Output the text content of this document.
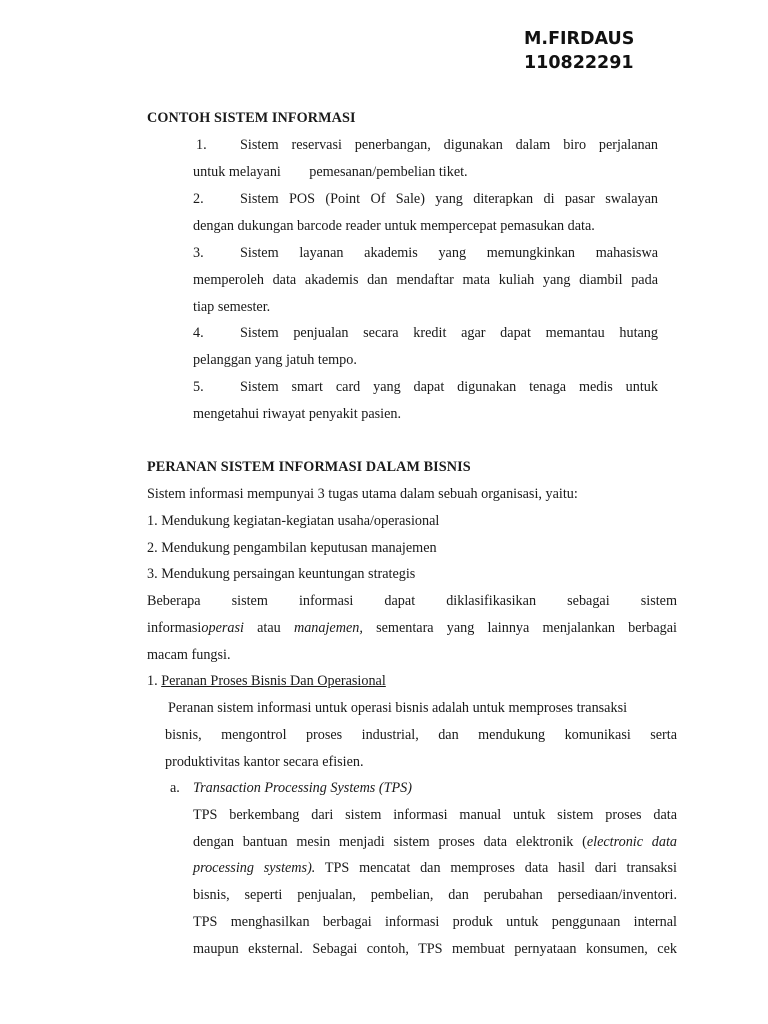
M.FIRDAUS
110822291
CONTOH SISTEM INFORMASI
1. Sistem reservasi penerbangan, digunakan dalam biro perjalanan
untuk melayani        pemesanan/pembelian tiket.
2.	Sistem POS (Point Of Sale) yang diterapkan di pasar swalayan
dengan dukungan barcode reader untuk mempercepat pemasukan data.
3.	Sistem layanan akademis yang memungkinkan mahasiswa
memperoleh data akademis dan mendaftar mata kuliah yang diambil pada
tiap semester.
4.	Sistem penjualan secara kredit agar dapat memantau hutang
pelanggan yang jatuh tempo.
5.	Sistem smart card yang dapat digunakan tenaga medis untuk
mengetahui riwayat penyakit pasien.
PERANAN SISTEM INFORMASI DALAM BISNIS
Sistem informasi mempunyai 3 tugas utama dalam sebuah organisasi, yaitu:
1. Mendukung kegiatan-kegiatan usaha/operasional
2. Mendukung pengambilan keputusan manajemen
3. Mendukung persaingan keuntungan strategis
Beberapa sistem informasi dapat diklasifikasikan sebagai sistem
informasioperasi atau manajemen, sementara yang lainnya menjalankan berbagai
macam fungsi.
1. Peranan Proses Bisnis Dan Operasional
Peranan sistem informasi untuk operasi bisnis adalah untuk memproses transaksi
bisnis, mengontrol proses industrial, dan mendukung komunikasi serta
produktivitas kantor secara efisien.
a. Transaction Processing Systems (TPS)
TPS berkembang dari sistem informasi manual untuk sistem proses data
dengan bantuan mesin menjadi sistem proses data elektronik (electronic data
processing systems). TPS mencatat dan memproses data hasil dari transaksi
bisnis, seperti penjualan, pembelian, dan perubahan persediaan/inventori.
TPS menghasilkan berbagai informasi produk untuk penggunaan internal
maupun eksternal. Sebagai contoh, TPS membuat pernyataan konsumen, cek
